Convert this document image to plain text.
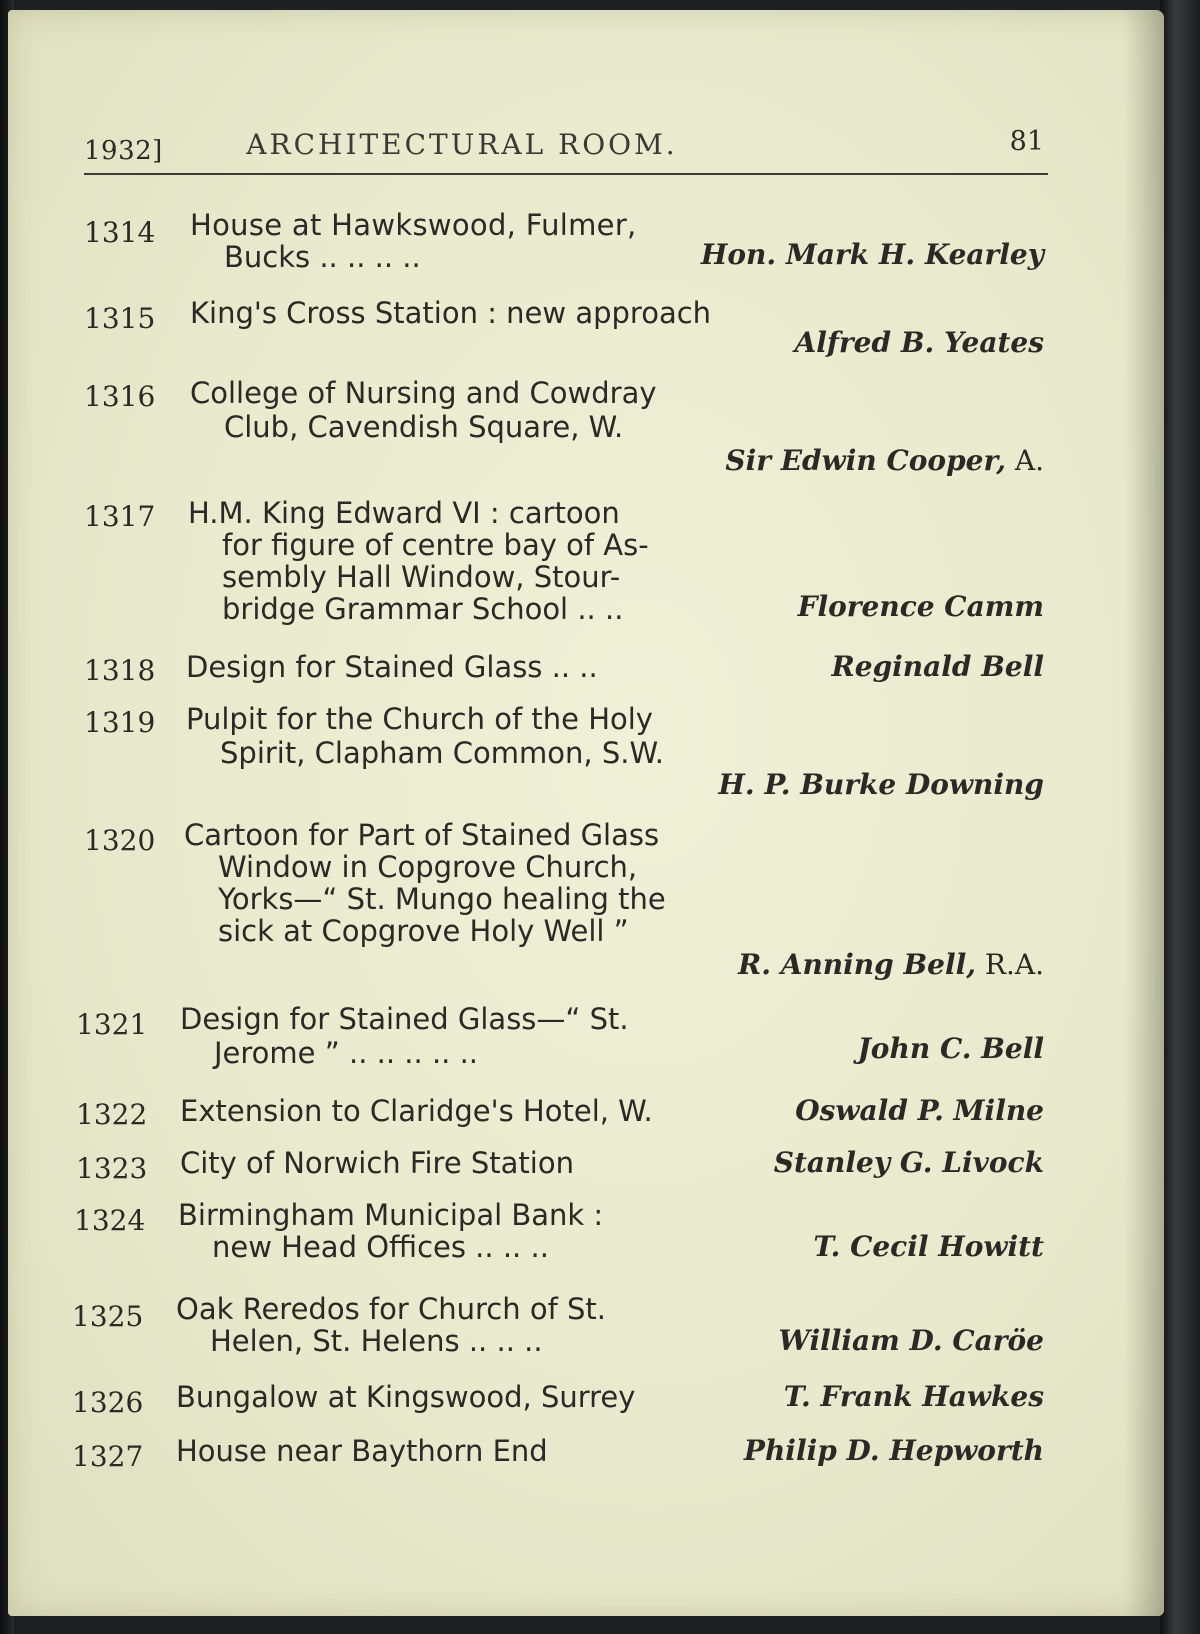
1932]	ARCHITECTURAL ROOM.	81
1314 House at Hawkswood, Fulmer,
Bucks .. .. .. ..	Hon. Mark H. Kearley
1315 King's Cross Station : new approach
Alfred B. Yeates
1316 College of Nursing and Cowdray
Club, Cavendish Square, W.
Sir Edwin Cooper, A.
1317 H.M. King Edward VI : cartoon
for figure of centre bay of As-
sembly Hall Window, Stour-
bridge Grammar School .. ..	Florence Camm
1318 Design for Stained Glass .. ..	Reginald Bell
1319 Pulpit for the Church of the Holy
Spirit, Clapham Common, S.W.
H. P. Burke Downing
1320 Cartoon for Part of Stained Glass
Window in Copgrove Church,
Yorks—“ St. Mungo healing the
sick at Copgrove Holy Well ”
R. Anning Bell, R.A.
1321 Design for Stained Glass—“ St.
Jerome ” .. .. .. .. ..	John C. Bell
1322 Extension to Claridge's Hotel, W.	Oswald P. Milne
1323 City of Norwich Fire Station	Stanley G. Livock
1324 Birmingham Municipal Bank :
new Head Offices .. .. ..	T. Cecil Howitt
1325 Oak Reredos for Church of St.
Helen, St. Helens .. .. ..	William D. Caröe
1326 Bungalow at Kingswood, Surrey	T. Frank Hawkes
1327 House near Baythorn End	Philip D. Hepworth
